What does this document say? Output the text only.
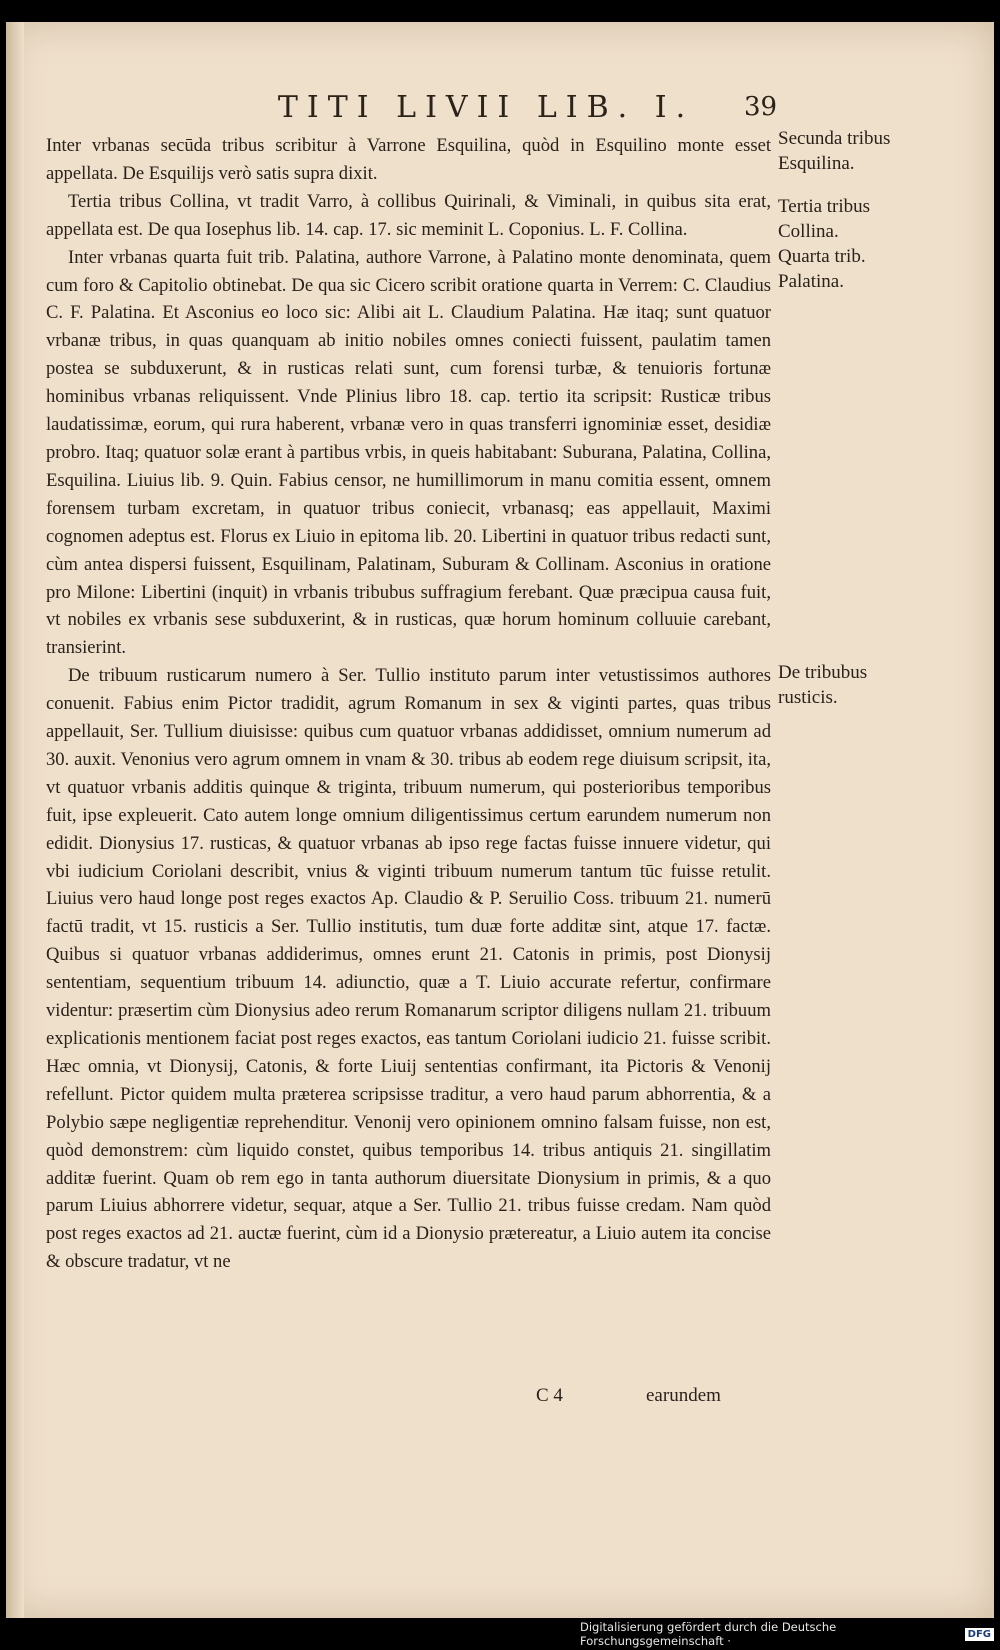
TITI LIVII LIB. I.	39

Inter vrbanas secūda tribus scribitur à Varrone Esquilina, quòd in Esquilino monte esset appellata. De Esquilijs verò satis supra dixit.

Tertia tribus Collina, vt tradit Varro, à collibus Quirinali, & Viminali, in quibus sita erat, appellata est. De qua Iosephus lib. 14. cap. 17. sic meminit L. Coponius. L. F. Collina.

Inter vrbanas quarta fuit trib. Palatina, authore Varrone, à Palatino monte denominata, quem cum foro & Capitolio obtinebat. De qua sic Cicero scribit oratione quarta in Verrem: C. Claudius C. F. Palatina. Et Asconius eo loco sic: Alibi ait L. Claudium Palatina. Hæ itaq; sunt quatuor vrbanæ tribus, in quas quanquam ab initio nobiles omnes coniecti fuissent, paulatim tamen postea se subduxerunt, & in rusticas relati sunt, cum forensi turbæ, & tenuioris fortunæ hominibus vrbanas reliquissent. Vnde Plinius libro 18. cap. tertio ita scripsit: Rusticæ tribus laudatissimæ, eorum, qui rura haberent, vrbanæ vero in quas transferri ignominiæ esset, desidiæ probro. Itaq; quatuor solæ erant à partibus vrbis, in queis habitabant: Suburana, Palatina, Collina, Esquilina. Liuius lib. 9. Quin. Fabius censor, ne humillimorum in manu comitia essent, omnem forensem turbam excretam, in quatuor tribus coniecit, vrbanasq; eas appellauit, Maximi cognomen adeptus est. Florus ex Liuio in epitoma lib. 20. Libertini in quatuor tribus redacti sunt, cùm antea dispersi fuissent, Esquilinam, Palatinam, Suburam & Collinam. Asconius in oratione pro Milone: Libertini (inquit) in vrbanis tribubus suffragium ferebant. Quæ præcipua causa fuit, vt nobiles ex vrbanis sese subduxerint, & in rusticas, quæ horum hominum colluuie carebant, transierint.

De tribuum rusticarum numero à Ser. Tullio instituto parum inter vetustissimos authores conuenit. Fabius enim Pictor tradidit, agrum Romanum in sex & viginti partes, quas tribus appellauit, Ser. Tullium diuisisse: quibus cum quatuor vrbanas addidisset, omnium numerum ad 30. auxit. Venonius vero agrum omnem in vnam & 30. tribus ab eodem rege diuisum scripsit, ita, vt quatuor vrbanis additis quinque & triginta, tribuum numerum, qui posterioribus temporibus fuit, ipse expleuerit. Cato autem longe omnium diligentissimus certum earundem numerum non edidit. Dionysius 17. rusticas, & quatuor vrbanas ab ipso rege factas fuisse innuere videtur, qui vbi iudicium Coriolani describit, vnius & viginti tribuum numerum tantum tūc fuisse retulit. Liuius vero haud longe post reges exactos Ap. Claudio & P. Seruilio Coss. tribuum 21. numerū factū tradit, vt 15. rusticis a Ser. Tullio institutis, tum duæ forte additæ sint, atque 17. factæ. Quibus si quatuor vrbanas addiderimus, omnes erunt 21. Catonis in primis, post Dionysij sententiam, sequentium tribuum 14. adiunctio, quæ a T. Liuio accurate refertur, confirmare videntur: præsertim cùm Dionysius adeo rerum Romanarum scriptor diligens nullam 21. tribuum explicationis mentionem faciat post reges exactos, eas tantum Coriolani iudicio 21. fuisse scribit. Hæc omnia, vt Dionysij, Catonis, & forte Liuij sententias confirmant, ita Pictoris & Venonij refellunt. Pictor quidem multa præterea scripsisse traditur, a vero haud parum abhorrentia, & a Polybio sæpe negligentiæ reprehenditur. Venonij vero opinionem omnino falsam fuisse, non est, quòd demonstrem: cùm liquido constet, quibus temporibus 14. tribus antiquis 21. singillatim additæ fuerint. Quam ob rem ego in tanta authorum diuersitate Dionysium in primis, & a quo parum Liuius abhorrere videtur, sequar, atque a Ser. Tullio 21. tribus fuisse credam. Nam quòd post reges exactos ad 21. auctæ fuerint, cùm id a Dionysio prætereatur, a Liuio autem ita concise & obscure tradatur, vt ne

Secunda tribus Esquilina.
Tertia tribus Collina.
Quarta trib. Palatina.
De tribubus rusticis.
C 4	earundem
Digitalisierung gefördert durch die Deutsche Forschungsgemeinschaft ·	DFG
